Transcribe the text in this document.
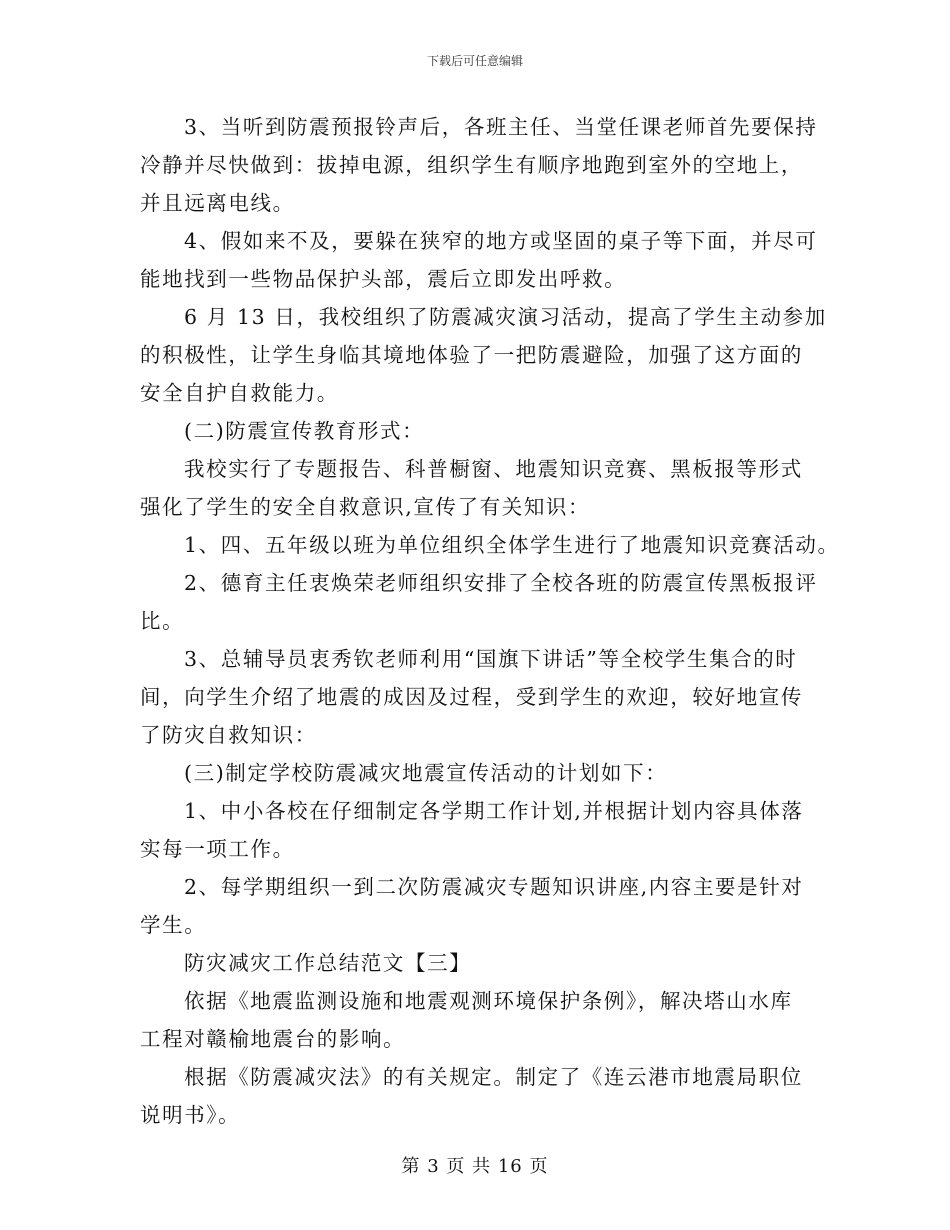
下载后可任意编辑

3、当听到防震预报铃声后，各班主任、当堂任课老师首先要保持
冷静并尽快做到：拔掉电源，组织学生有顺序地跑到室外的空地上，
并且远离电线。

4、假如来不及，要躲在狭窄的地方或坚固的桌子等下面，并尽可
能地找到一些物品保护头部，震后立即发出呼救。

6 月 13 日，我校组织了防震减灾演习活动，提高了学生主动参加
的积极性，让学生身临其境地体验了一把防震避险，加强了这方面的
安全自护自救能力。

(二)防震宣传教育形式：

我校实行了专题报告、科普橱窗、地震知识竞赛、黑板报等形式
强化了学生的安全自救意识,宣传了有关知识：

1、四、五年级以班为单位组织全体学生进行了地震知识竞赛活动。

2、德育主任衷焕荣老师组织安排了全校各班的防震宣传黑板报评
比。

3、总辅导员衷秀钦老师利用“国旗下讲话”等全校学生集合的时
间，向学生介绍了地震的成因及过程，受到学生的欢迎，较好地宣传
了防灾自救知识：

(三)制定学校防震减灾地震宣传活动的计划如下：

1、中小各校在仔细制定各学期工作计划,并根据计划内容具体落
实每一项工作。

2、每学期组织一到二次防震减灾专题知识讲座,内容主要是针对
学生。

防灾减灾工作总结范文【三】

依据《地震监测设施和地震观测环境保护条例》，解决塔山水库
工程对赣榆地震台的影响。

根据《防震减灾法》的有关规定。制定了《连云港市地震局职位
说明书》。

第 3 页 共 16 页
